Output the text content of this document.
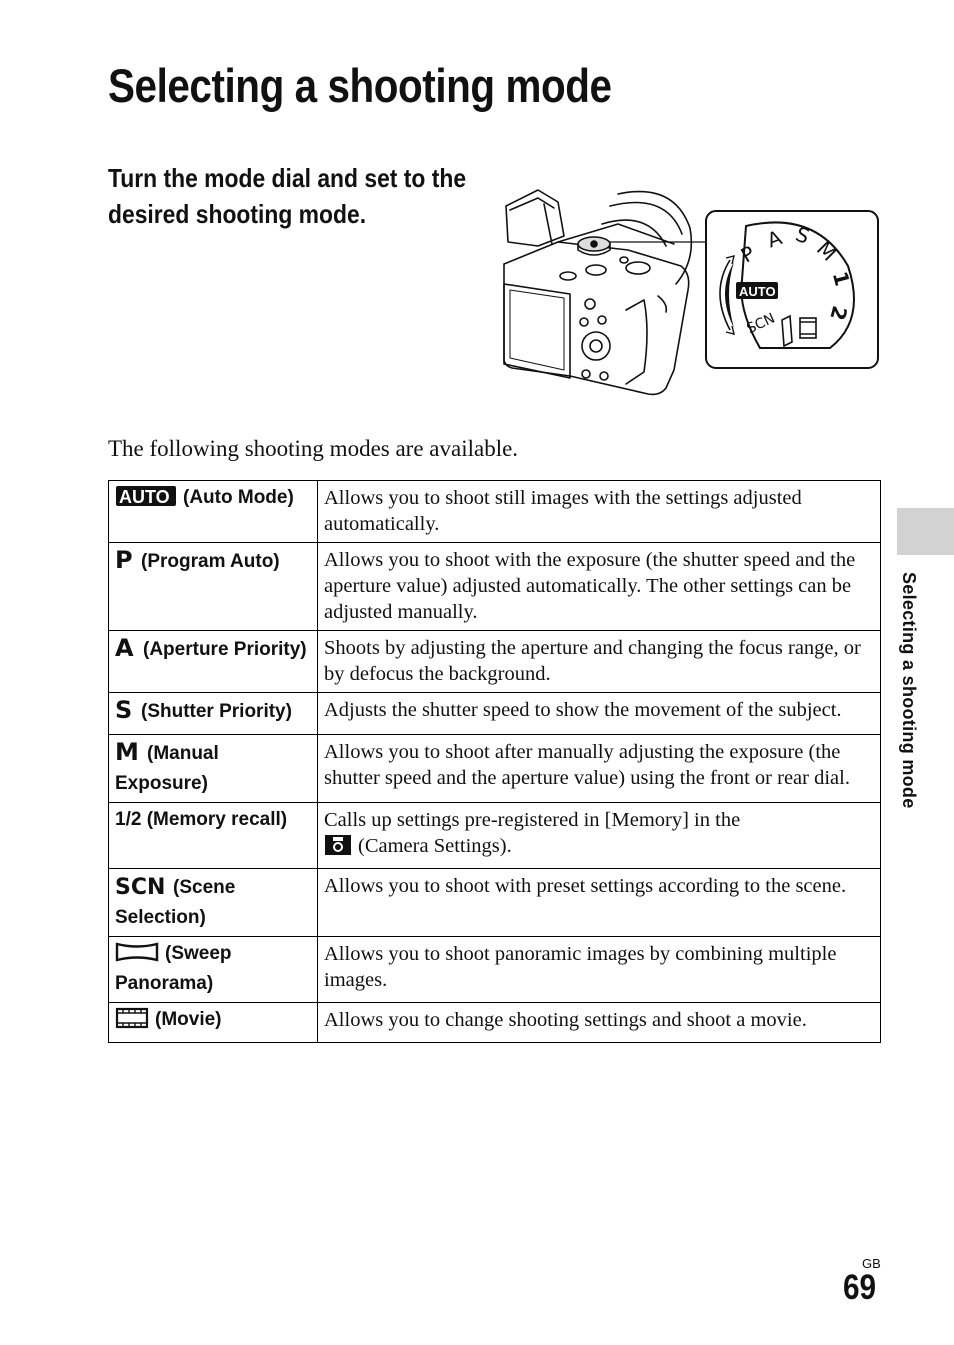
Selecting a shooting mode
Turn the mode dial and set to the desired shooting mode.
P
A S
M
1
2
AUTO
SCN
The following shooting modes are available.
AUTO (Auto Mode)	Allows you to shoot still images with the settings adjusted automatically.

P (Program Auto)	Allows you to shoot with the exposure (the shutter speed and the aperture value) adjusted automatically. The other settings can be adjusted manually.

A (Aperture Priority)	Shoots by adjusting the aperture and changing the focus range, or by defocus the background.

S (Shutter Priority)	Adjusts the shutter speed to show the movement of the subject.

M (Manual Exposure)	Allows you to shoot after manually adjusting the exposure (the shutter speed and the aperture value) using the front or rear dial.
1/2 (Memory recall)	Calls up settings pre-registered in [Memory] in the
(Camera Settings).

SCN (Scene Selection)	Allows you to shoot with preset settings according to the scene.
(Sweep Panorama)	Allows you to shoot panoramic images by combining multiple images.
(Movie)	Allows you to change shooting settings and shoot a movie.
Selecting a shooting mode
GB
69
